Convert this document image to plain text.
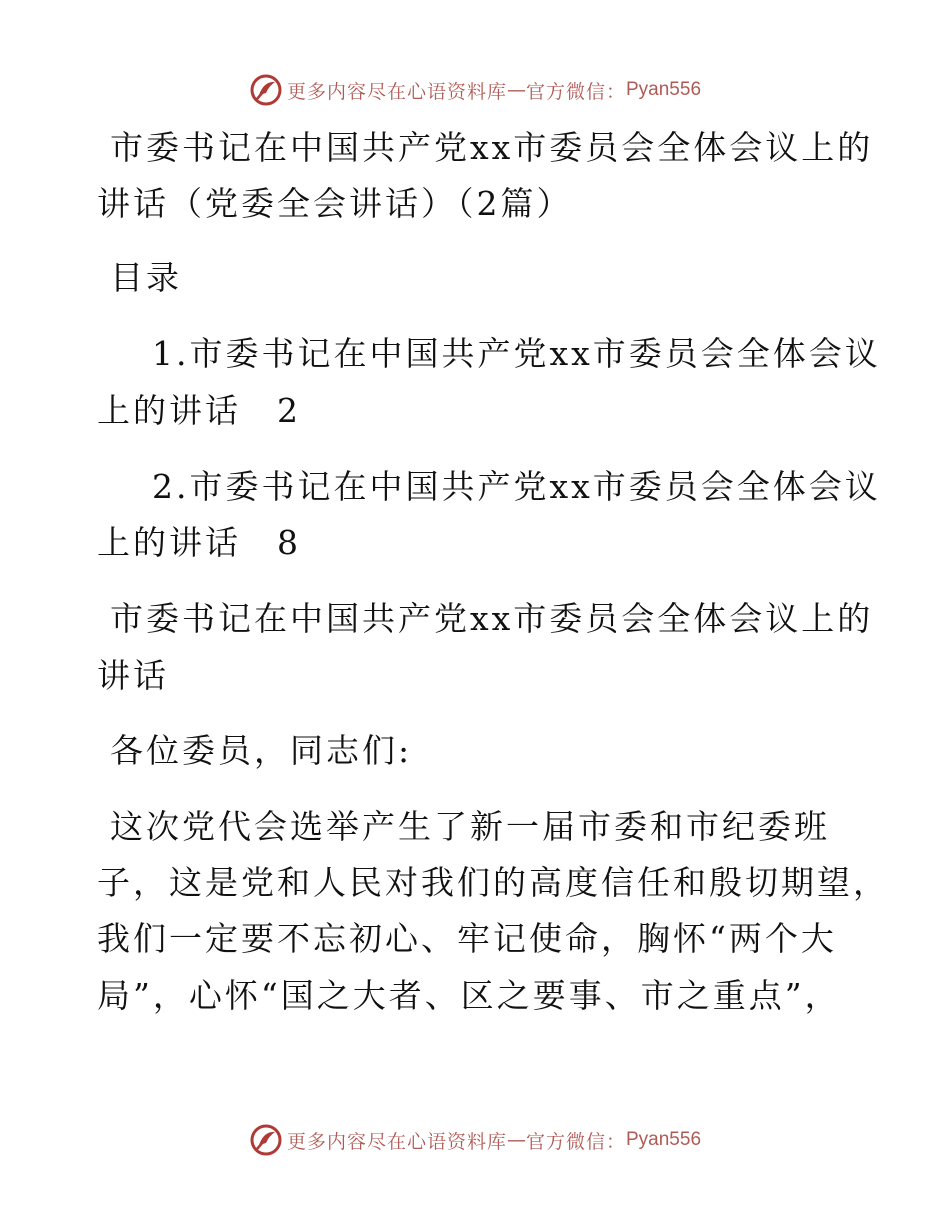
更多内容尽在心语资料库 — 官方微信： Pyan556
市委书记在中国共产党xx市委员会全体会议上的
讲话（党委全会讲话）（2篇）
目录
1.市委书记在中国共产党xx市委员会全体会议
上的讲话　2
2.市委书记在中国共产党xx市委员会全体会议
上的讲话　8
市委书记在中国共产党xx市委员会全体会议上的
讲话
各位委员，同志们:
这次党代会选举产生了新一届市委和市纪委班
子，这是党和人民对我们的高度信任和殷切期望，
我们一定要不忘初心、牢记使命，胸怀“两个大
局”，心怀“国之大者、区之要事、市之重点”，
更多内容尽在心语资料库 — 官方微信： Pyan556
